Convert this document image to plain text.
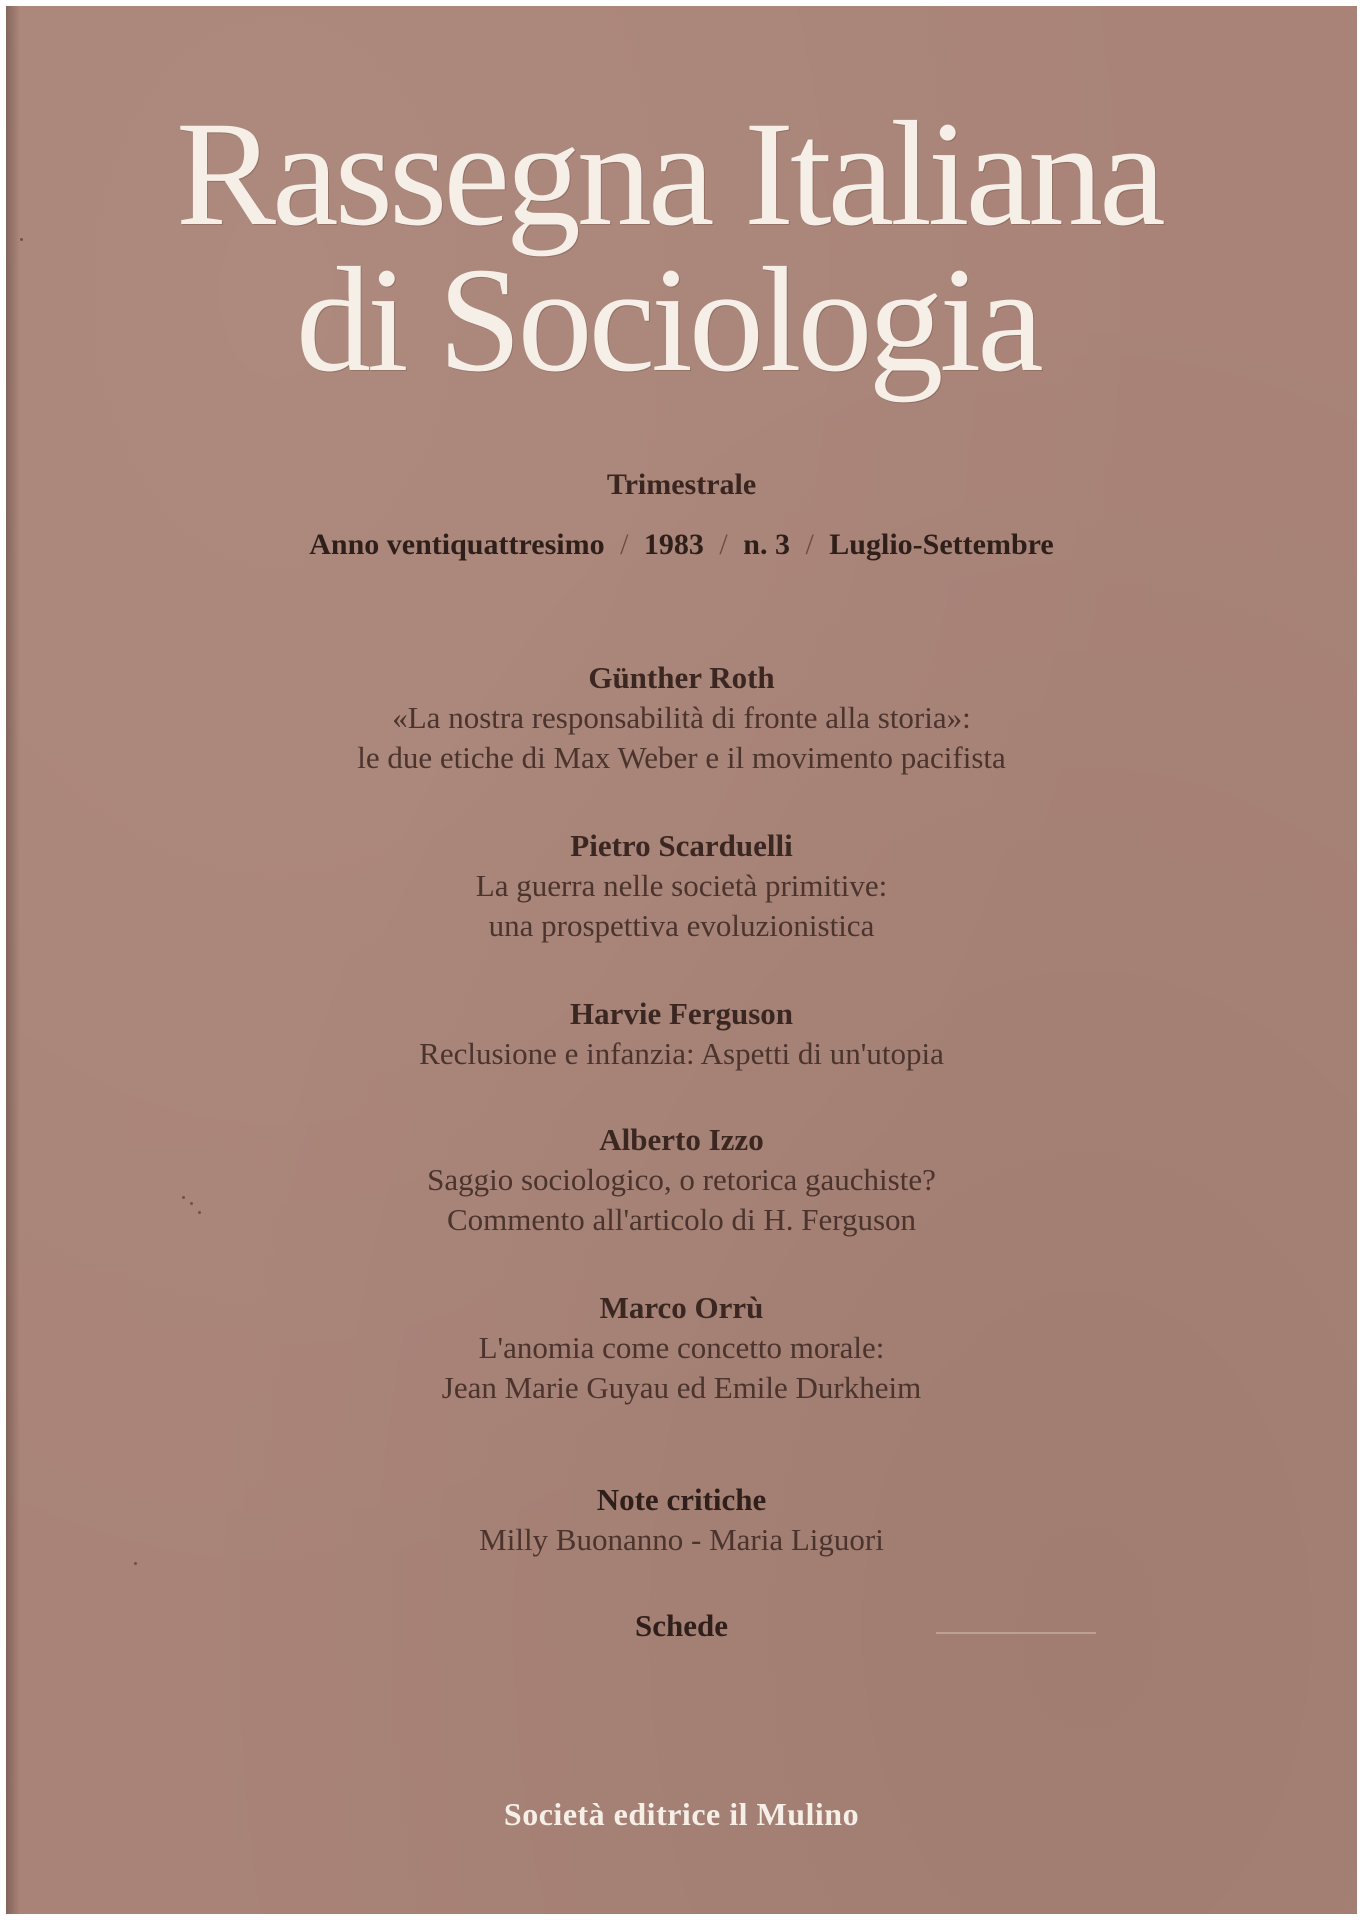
Rassegna Italiana
di Sociologia
Trimestrale
Anno ventiquattresimo / 1983 / n. 3 / Luglio-Settembre
Günther Roth
«La nostra responsabilità di fronte alla storia»:
le due etiche di Max Weber e il movimento pacifista
Pietro Scarduelli
La guerra nelle società primitive:
una prospettiva evoluzionistica
Harvie Ferguson
Reclusione e infanzia: Aspetti di un'utopia
Alberto Izzo
Saggio sociologico, o retorica gauchiste?
Commento all'articolo di H. Ferguson
Marco Orrù
L'anomia come concetto morale:
Jean Marie Guyau ed Emile Durkheim
Note critiche
Milly Buonanno - Maria Liguori
Schede
Società editrice il Mulino
